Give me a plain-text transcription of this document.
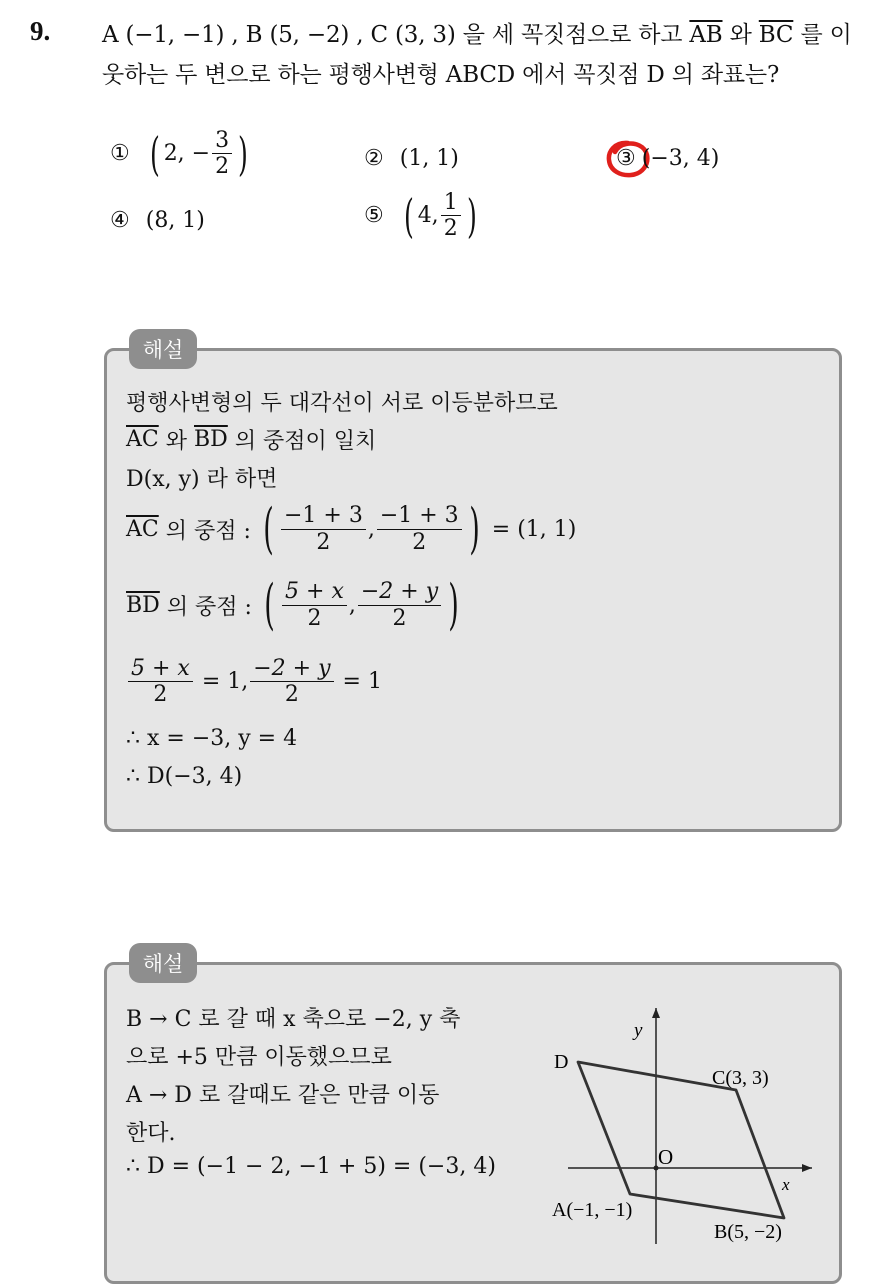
9. A (−1, −1) , B (5, −2) , C (3, 3) 을 세 꼭짓점으로 하고 $\overline{AB}$ 와 $\overline{BC}$ 를 이
웃하는 두 변으로 하는 평행사변형 ABCD 에서 꼭짓점 D 의 좌표는?
① ( 2, − $\frac{3}{2}$ )	② (1, 1)	③ (−3, 4)
④ (8, 1)	⑤ ( 4, $\frac{1}{2}$ )
해설
평행사변형의 두 대각선이 서로 이등분하므로
$\overline{AC}$
와
$\overline{BD}$
의 중점이 일치
D(x, y) 라 하면
$\overline{AC}$
의 중점 :
( $\frac{-1 + 3}{2}$ , $\frac{-1 + 3}{2}$ )
= (1, 1)
$\overline{BD}$
의 중점 :
( $\frac{5 + x}{2}$ , $\frac{-2 + y}{2}$ )
$\frac{5 + x}{2}$
= 1, $\frac{-2 + y}{2}$
= 1
∴ x = −3, y = 4
∴ D(−3, 4)
해설
B → C 로 갈 때 x 축으로 −2, y 축
으로 +5 만큼 이동했으므로
A → D 로 갈때도 같은 만큼 이동
한다.
∴ D = (−1 − 2, −1 + 5) = (−3, 4)
y
x
O
D
C(3, 3)
A(−1, −1)
B(5, −2)
